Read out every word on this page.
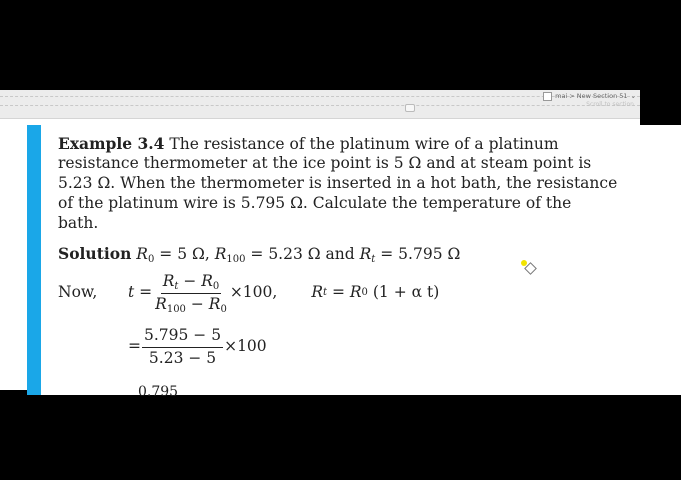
mai > New Section 51 ⌄
Scroll to section

Example 3.4 The resistance of the platinum wire of a platinum

resistance thermometer at the ice point is 5 Ω and at steam point is

5.23 Ω. When the thermometer is inserted in a hot bath, the resistance

of the platinum wire is 5.795 Ω. Calculate the temperature of the

bath.

Solution $R_0 = 5$ Ω, $R_{100} = 5.23$ Ω and $R_t = 5.795$ Ω

Now,	$t = \frac{R_t - R_0}{R_{100} - R_0} \times 100$, R t = R 0
(1 + α t)
= $\frac{5.795 - 5}{5.23 - 5} \times 100$
0.795
